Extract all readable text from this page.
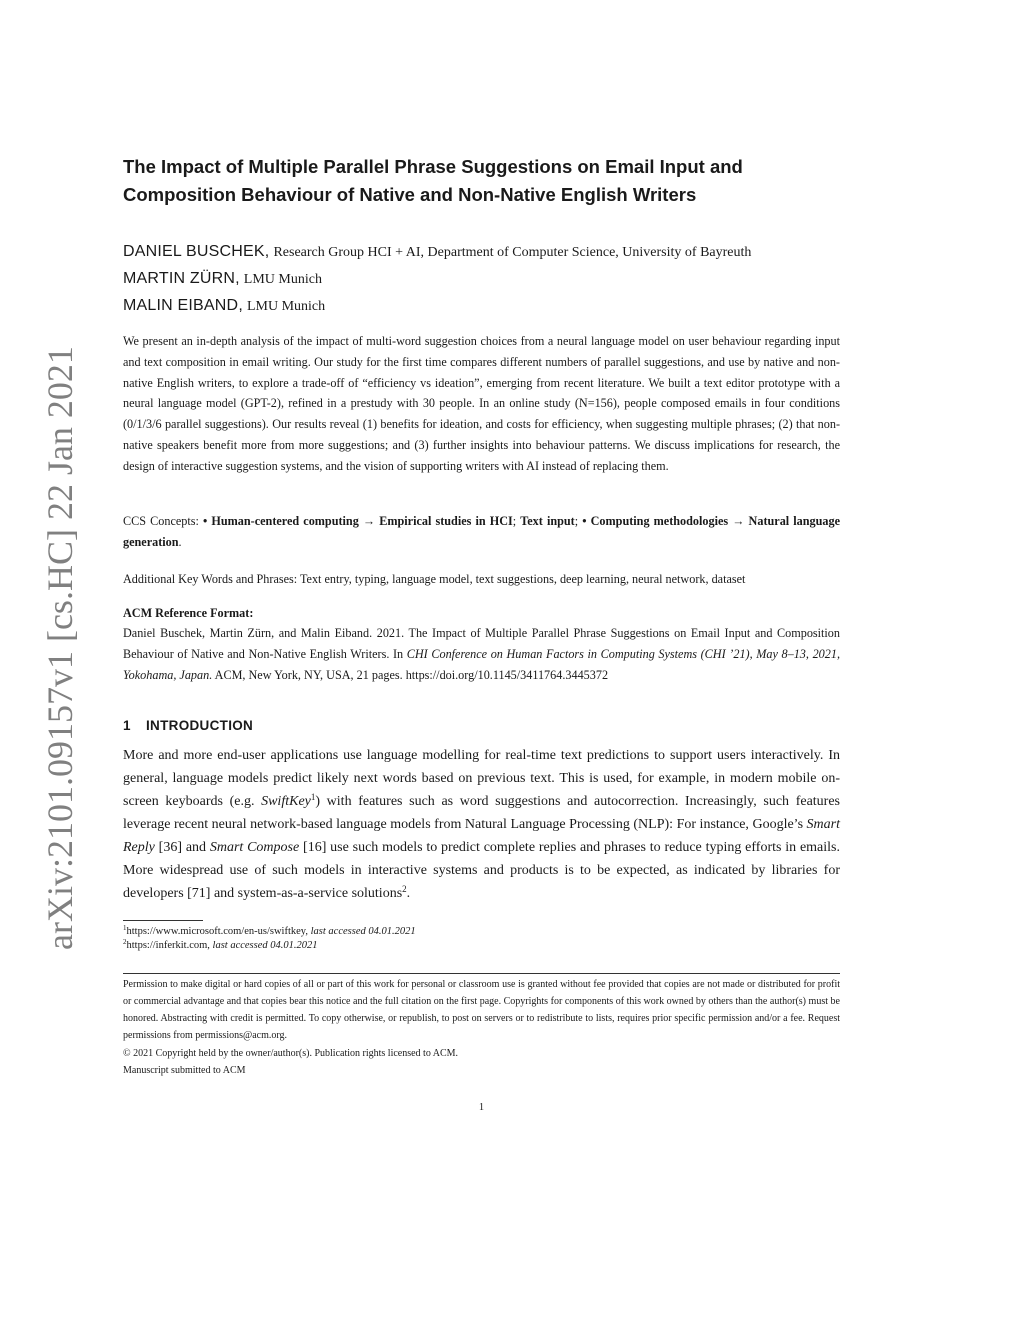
arXiv:2101.09157v1 [cs.HC] 22 Jan 2021
The Impact of Multiple Parallel Phrase Suggestions on Email Input and
Composition Behaviour of Native and Non-Native English Writers
DANIEL BUSCHEK, Research Group HCI + AI, Department of Computer Science, University of Bayreuth
MARTIN ZÜRN, LMU Munich
MALIN EIBAND, LMU Munich

We present an in-depth analysis of the impact of multi-word suggestion choices from a neural language model on user behaviour regarding input and text composition in email writing. Our study for the first time compares different numbers of parallel suggestions, and use by native and non-native English writers, to explore a trade-off of “efficiency vs ideation”, emerging from recent literature. We built a text editor prototype with a neural language model (GPT-2), refined in a prestudy with 30 people. In an online study (N=156), people composed emails in four conditions (0/1/3/6 parallel suggestions). Our results reveal (1) benefits for ideation, and costs for efficiency, when suggesting multiple phrases; (2) that non-native speakers benefit more from more suggestions; and (3) further insights into behaviour patterns. We discuss implications for research, the design of interactive suggestion systems, and the vision of supporting writers with AI instead of replacing them.

CCS Concepts: • Human-centered computing → Empirical studies in HCI; Text input; • Computing methodologies → Natural language generation.

Additional Key Words and Phrases: Text entry, typing, language model, text suggestions, deep learning, neural network, dataset

ACM Reference Format:

Daniel Buschek, Martin Zürn, and Malin Eiband. 2021. The Impact of Multiple Parallel Phrase Suggestions on Email Input and Composition Behaviour of Native and Non-Native English Writers. In CHI Conference on Human Factors in Computing Systems (CHI ’21), May 8–13, 2021, Yokohama, Japan. ACM, New York, NY, USA, 21 pages. https://doi.org/10.1145/3411764.3445372

1 INTRODUCTION

More and more end-user applications use language modelling for real-time text predictions to support users interactively. In general, language models predict likely next words based on previous text. This is used, for example, in modern mobile on-screen keyboards (e.g. SwiftKey$^1$) with features such as word suggestions and autocorrection. Increasingly, such features leverage recent neural network-based language models from Natural Language Processing (NLP): For instance, Google’s Smart Reply [36] and Smart Compose [16] use such models to predict complete replies and phrases to reduce typing efforts in emails. More widespread use of such models in interactive systems and products is to be expected, as indicated by libraries for developers [71] and system-as-a-service solutions$^2$.

$^1$https://www.microsoft.com/en-us/swiftkey, last accessed 04.01.2021
$^2$https://inferkit.com, last accessed 04.01.2021

Permission to make digital or hard copies of all or part of this work for personal or classroom use is granted without fee provided that copies are not made or distributed for profit or commercial advantage and that copies bear this notice and the full citation on the first page. Copyrights for components of this work owned by others than the author(s) must be honored. Abstracting with credit is permitted. To copy otherwise, or republish, to post on servers or to redistribute to lists, requires prior specific permission and/or a fee. Request permissions from permissions@acm.org.

© 2021 Copyright held by the owner/author(s). Publication rights licensed to ACM.

Manuscript submitted to ACM

1
